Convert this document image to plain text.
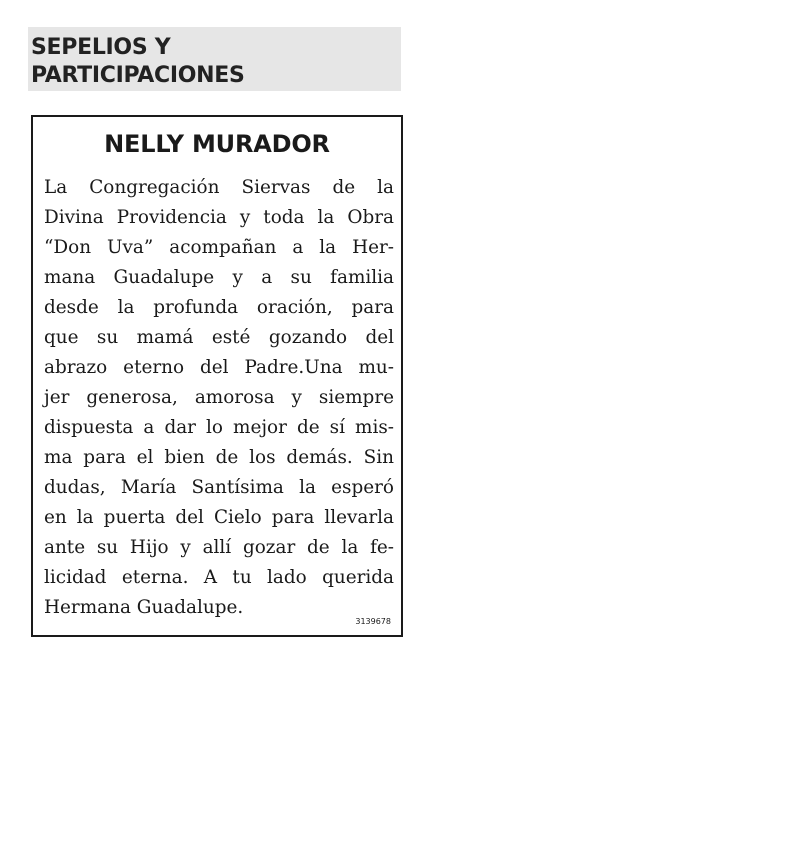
SEPELIOS Y
PARTICIPACIONES
NELLY MURADOR
La Congregación Siervas de la
Divina Providencia y toda la Obra
“Don Uva” acompañan a la Her-
mana Guadalupe y a su familia
desde la profunda oración, para
que su mamá esté gozando del
abrazo eterno del Padre.Una mu-
jer generosa, amorosa y siempre
dispuesta a dar lo mejor de sí mis-
ma para el bien de los demás. Sin
dudas, María Santísima la esperó
en la puerta del Cielo para llevarla
ante su Hijo y allí gozar de la fe-
licidad eterna. A tu lado querida
Hermana Guadalupe.
3139678
